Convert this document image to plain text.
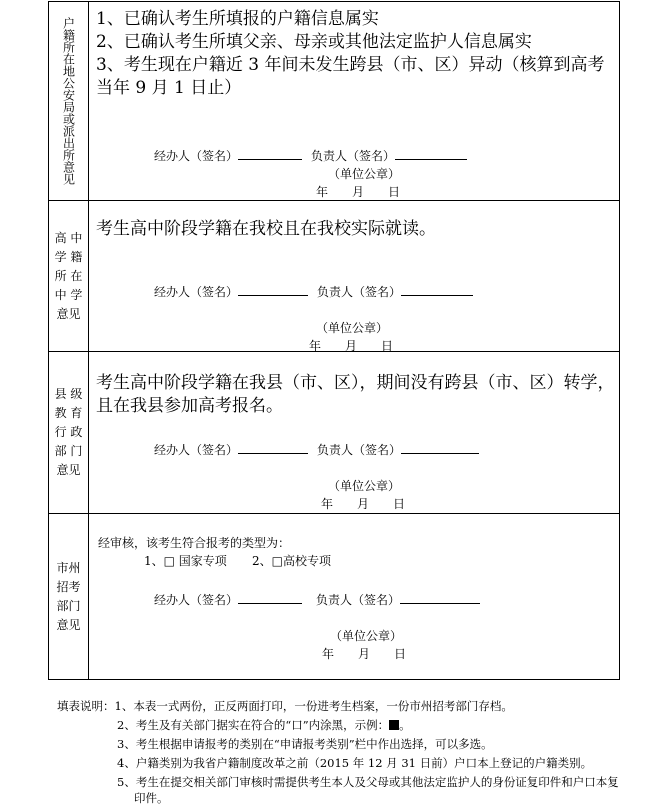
户籍所在地公安局或派出所意见 1、已确认考生所填报的户籍信息属实
2、已确认考生所填父亲、母亲或其他法定监护人信息属实
3、考生现在户籍近 3 年间未发生跨县（市、区）异动（核算到高考当年 9 月 1 日止）
经办人（签名）	负责人（签名）
（单位公章）
年　　月　　日
高 中
学 籍
所 在
中 学
意见
考生高中阶段学籍在我校且在我校实际就读。
经办人（签名）	负责人（签名）
（单位公章）
年　　月　　日
县 级
教 育
行 政
部 门
意见
考生高中阶段学籍在我县（市、区），期间没有跨县（市、区）转学，且在我县参加高考报名。
经办人（签名）	负责人（签名）
（单位公章）
年　　月　　日
市州
招考
部门
意见
经审核，该考生符合报考的类型为：
1、□ 国家专项 2、□高校专项
经办人（签名）	负责人（签名）
（单位公章）
年　　月　　日
填表说明：1、本表一式两份，正反两面打印，一份进考生档案，一份市州招考部门存档。
2、考生及有关部门据实在符合的“口”内涂黑，示例： 。
3、考生根据申请报考的类别在“申请报考类别”栏中作出选择，可以多选。
4、户籍类别为我省户籍制度改革之前（2015 年 12 月 31 日前）户口本上登记的户籍类别。
5、考生在提交相关部门审核时需提供考生本人及父母或其他法定监护人的身份证复印件和户口本复
印件。
